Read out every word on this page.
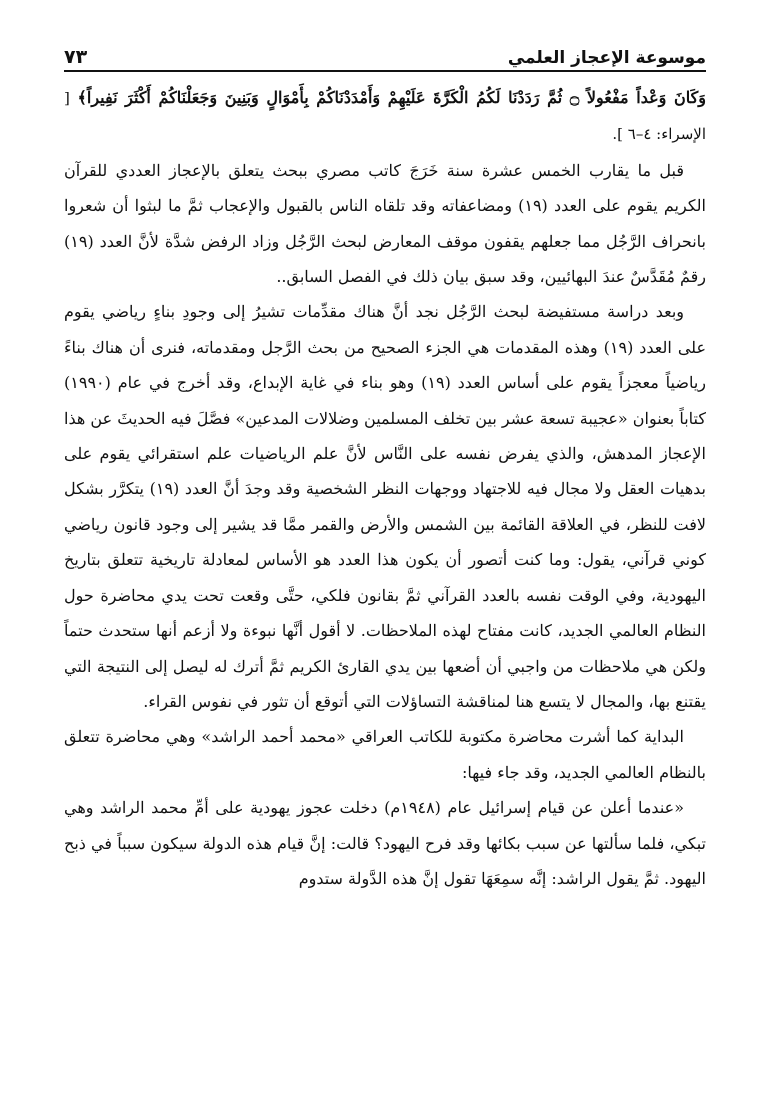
موسوعة الإعجاز العلمي
٧٣

وَكَانَ وَعْداً مَفْعُولاً ۝ ثُمَّ رَدَدْنَا لَكُمُ الْكَرَّةَ عَلَيْهِمْ وَأَمْدَدْنَاكُمْ بِأَمْوَالٍ وَبَنِينَ وَجَعَلْنَاكُمْ أَكْثَرَ نَفِيراً﴾ [ الإسراء: ٤–٦ ].

قبل ما يقارب الخمس عشرة سنة خَرَجَ كاتب مصري ببحث يتعلق بالإعجاز العددي للقرآن الكريم يقوم على العدد (١٩) ومضاعفاته وقد تلقاه الناس بالقبول والإعجاب ثمَّ ما لبثوا أن شعروا بانحراف الرَّجُل مما جعلهم يقفون موقف المعارض لبحث الرَّجُل وزاد الرفض شدَّة لأنَّ العدد (١٩) رقمٌ مُقَدَّسٌ عندَ البهائيين، وقد سبق بيان ذلك في الفصل السابق..

وبعد دراسة مستفيضة لبحث الرَّجُل نجد أنَّ هناك مقدِّمات تشيرُ إلى وجودِ بناءٍ رياضي يقوم على العدد (١٩) وهذه المقدمات هي الجزء الصحيح من بحث الرَّجل ومقدماته، فنرى أن هناك بناءً رياضياً معجزاً يقوم على أساس العدد (١٩) وهو بناء في غاية الإبداع، وقد أخرج في عام (١٩٩٠) كتاباً بعنوان «عجيبة تسعة عشر بين تخلف المسلمين وضلالات المدعين» فصَّلَ فيه الحديثَ عن هذا الإعجاز المدهش، والذي يفرض نفسه على النَّاس لأنَّ علم الرياضيات علم استقرائي يقوم على بدهيات العقل ولا مجال فيه للاجتهاد ووجهات النظر الشخصية وقد وجدَ أنَّ العدد (١٩) يتكرَّر بشكل لافت للنظر، في العلاقة القائمة بين الشمس والأرض والقمر ممَّا قد يشير إلى وجود قانون رياضي كوني قرآني، يقول: وما كنت أتصور أن يكون هذا العدد هو الأساس لمعادلة تاريخية تتعلق بتاريخ اليهودية، وفي الوقت نفسه بالعدد القرآني ثمَّ بقانون فلكي، حتَّى وقعت تحت يدي محاضرة حول النظام العالمي الجديد، كانت مفتاح لهذه الملاحظات. لا أقول أنَّها نبوءة ولا أزعم أنها ستحدث حتماً ولكن هي ملاحظات من واجبي أن أضعها بين يدي القارئ الكريم ثمَّ أترك له ليصل إلى النتيجة التي يقتنع بها، والمجال لا يتسع هنا لمناقشة التساؤلات التي أتوقع أن تثور في نفوس القراء.

البداية كما أشرت محاضرة مكتوبة للكاتب العراقي «محمد أحمد الراشد» وهي محاضرة تتعلق بالنظام العالمي الجديد، وقد جاء فيها:

«عندما أعلن عن قيام إسرائيل عام (١٩٤٨م) دخلت عجوز يهودية على أمِّ محمد الراشد وهي تبكي، فلما سألتها عن سبب بكائها وقد فرح اليهود؟ قالت: إنَّ قيام هذه الدولة سيكون سبباً في ذبح اليهود. ثمَّ يقول الراشد: إنَّه سمِعَهَا تقول إنَّ هذه الدَّولة ستدوم
